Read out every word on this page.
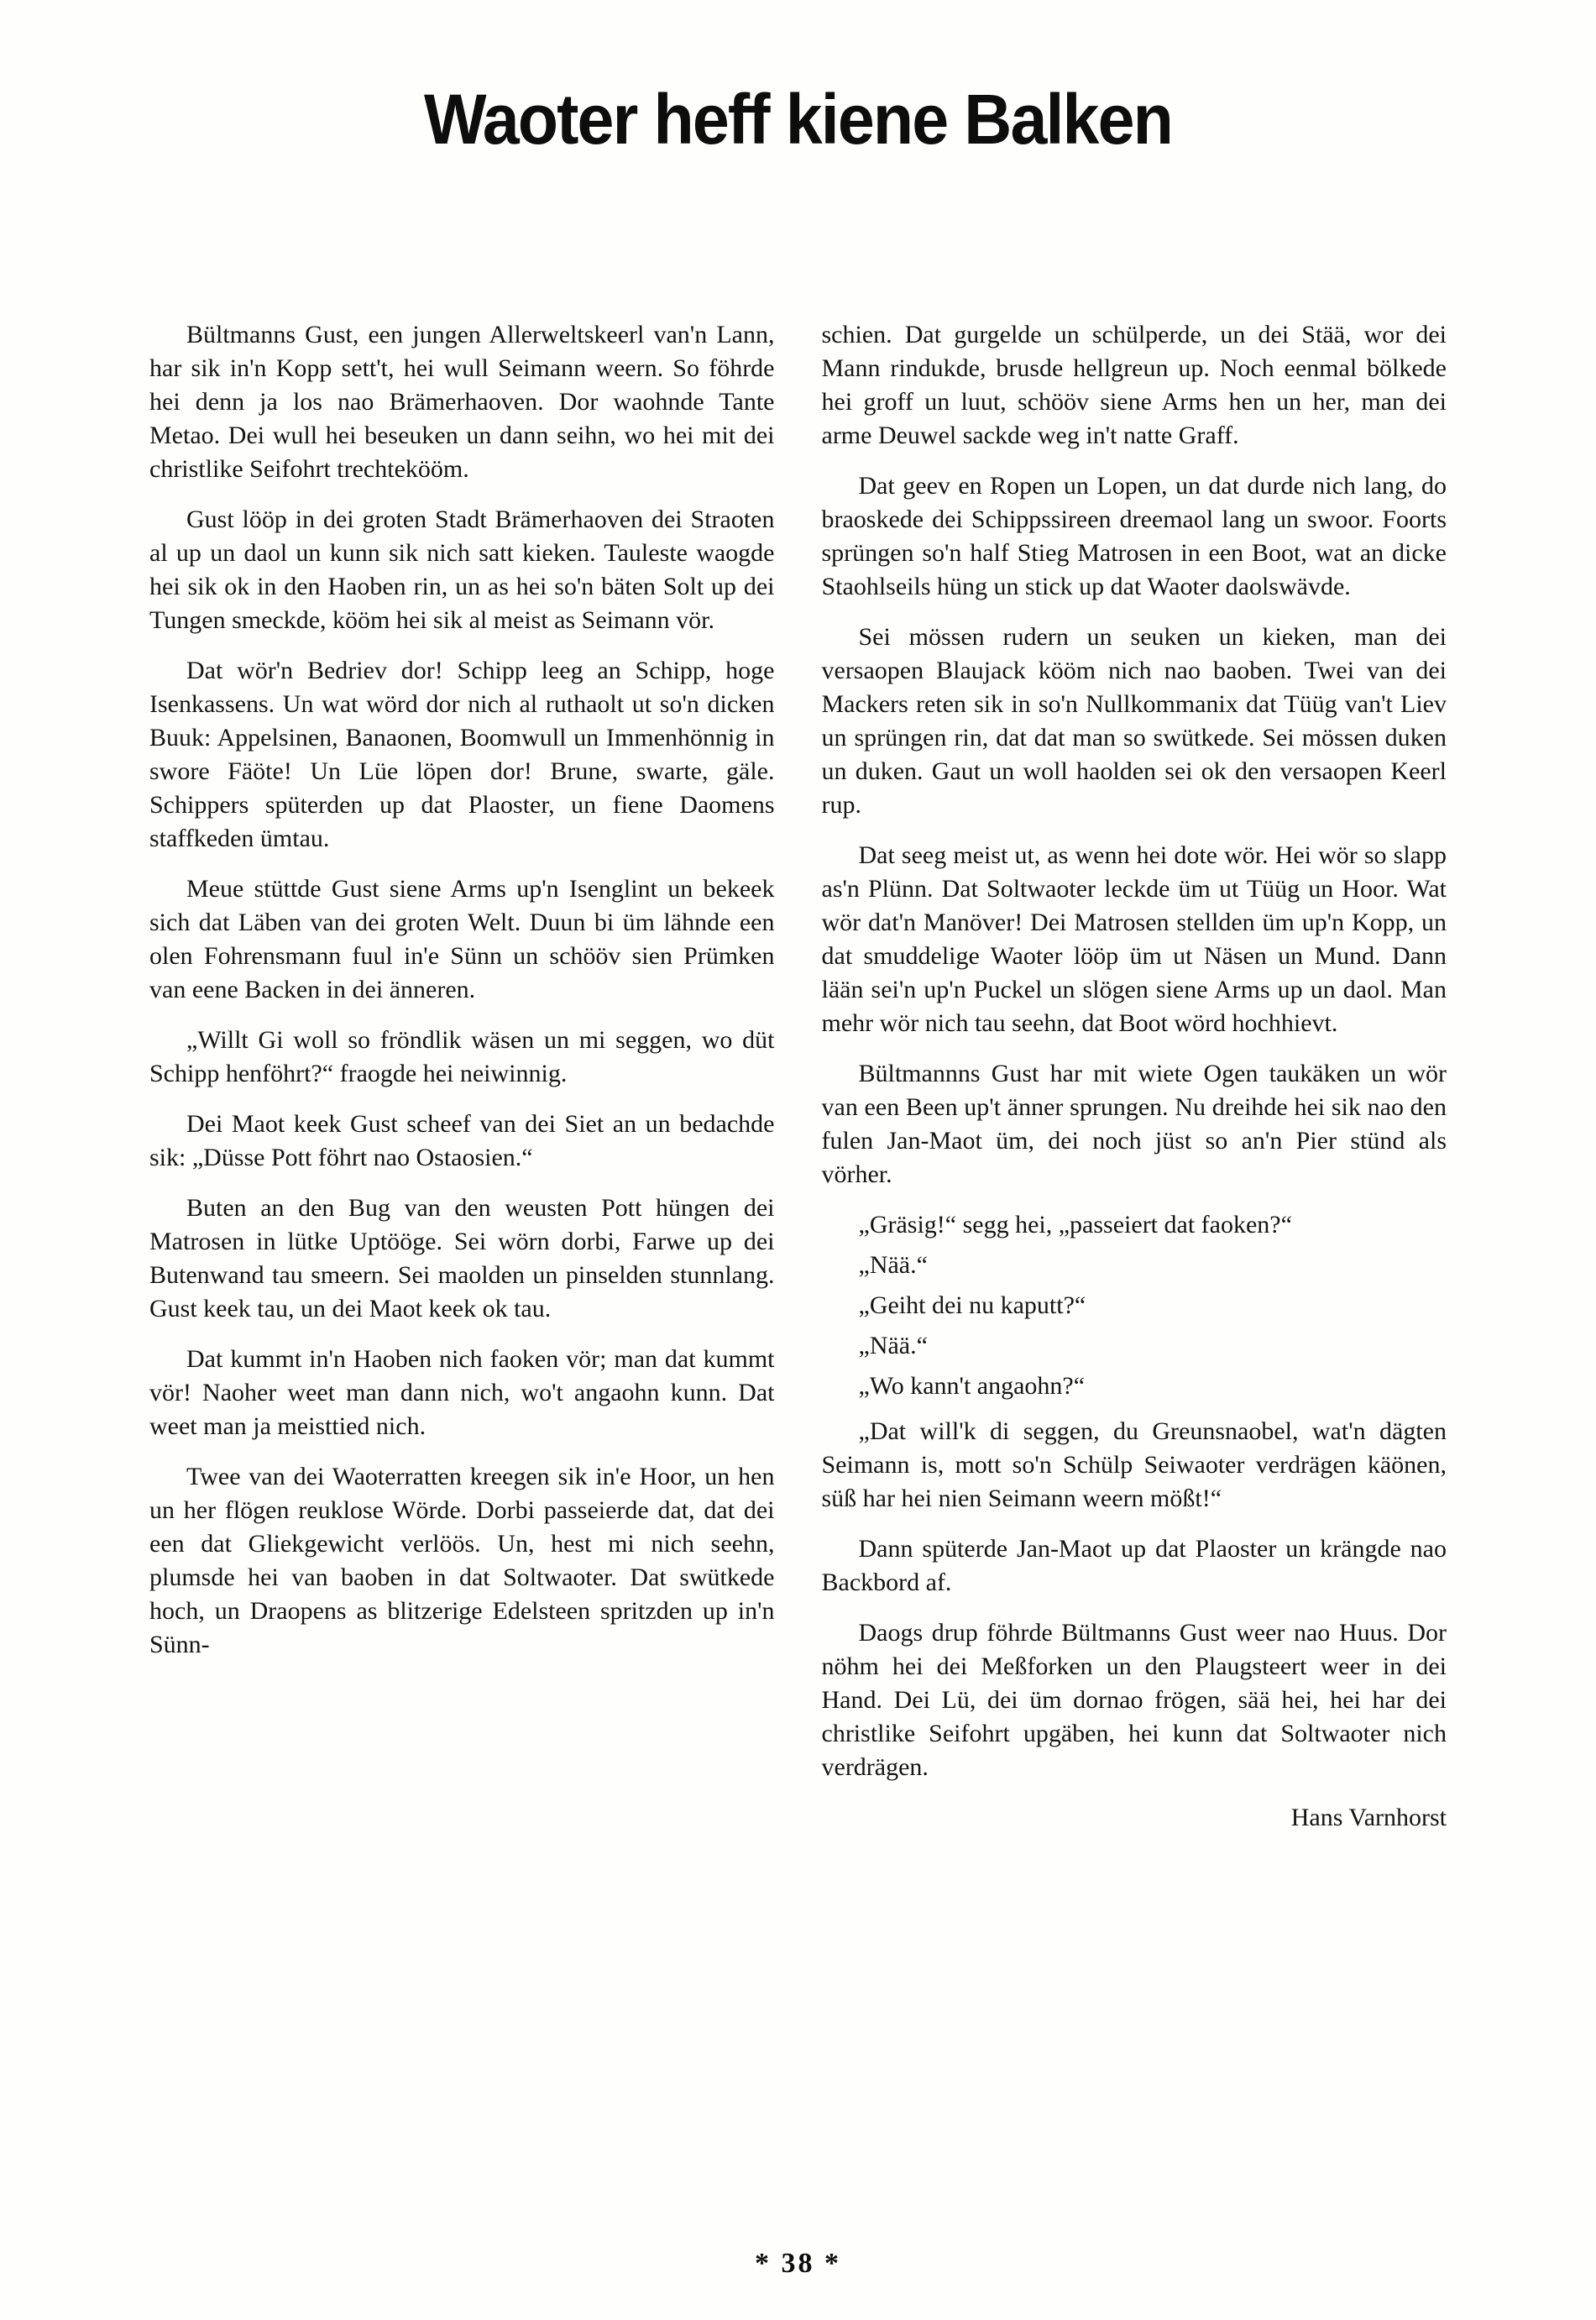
Waoter heff kiene Balken

Bültmanns Gust, een jungen Allerweltskeerl van'n Lann, har sik in'n Kopp sett't, hei wull Seimann weern. So föhrde hei denn ja los nao Brämerhaoven. Dor waohnde Tante Metao. Dei wull hei beseuken un dann seihn, wo hei mit dei christlike Seifohrt trechtekööm.

Gust lööp in dei groten Stadt Brämerhaoven dei Straoten al up un daol un kunn sik nich satt kieken. Tauleste waogde hei sik ok in den Haoben rin, un as hei so'n bäten Solt up dei Tungen smeckde, kööm hei sik al meist as Seimann vör.

Dat wör'n Bedriev dor! Schipp leeg an Schipp, hoge Isenkassens. Un wat wörd dor nich al ruthaolt ut so'n dicken Buuk: Appelsinen, Banaonen, Boomwull un Immenhönnig in swore Fäöte! Un Lüe löpen dor! Brune, swarte, gäle. Schippers spüterden up dat Plaoster, un fiene Daomens staffkeden ümtau.

Meue stüttde Gust siene Arms up'n Isenglint un bekeek sich dat Läben van dei groten Welt. Duun bi üm lähnde een olen Fohrensmann fuul in'e Sünn un schööv sien Prümken van eene Backen in dei änneren.

„Willt Gi woll so fröndlik wäsen un mi seggen, wo düt Schipp henföhrt?“ fraogde hei neiwinnig.

Dei Maot keek Gust scheef van dei Siet an un bedachde sik: „Düsse Pott föhrt nao Ostaosien.“

Buten an den Bug van den weusten Pott hüngen dei Matrosen in lütke Uptööge. Sei wörn dorbi, Farwe up dei Butenwand tau smeern. Sei maolden un pinselden stunnlang. Gust keek tau, un dei Maot keek ok tau.

Dat kummt in'n Haoben nich faoken vör; man dat kummt vör! Naoher weet man dann nich, wo't angaohn kunn. Dat weet man ja meisttied nich.

Twee van dei Waoterratten kreegen sik in'e Hoor, un hen un her flögen reuklose Wörde. Dorbi passeierde dat, dat dei een dat Gliekgewicht verlöös. Un, hest mi nich seehn, plumsde hei van baoben in dat Soltwaoter. Dat swütkede hoch, un Draopens as blitzerige Edelsteen spritzden up in'n Sünn-

schien. Dat gurgelde un schülperde, un dei Stää, wor dei Mann rindukde, brusde hellgreun up. Noch eenmal bölkede hei groff un luut, schööv siene Arms hen un her, man dei arme Deuwel sackde weg in't natte Graff.

Dat geev en Ropen un Lopen, un dat durde nich lang, do braoskede dei Schippssireen dreemaol lang un swoor. Foorts sprüngen so'n half Stieg Matrosen in een Boot, wat an dicke Staohlseils hüng un stick up dat Waoter daolswävde.

Sei mössen rudern un seuken un kieken, man dei versaopen Blaujack kööm nich nao baoben. Twei van dei Mackers reten sik in so'n Nullkommanix dat Tüüg van't Liev un sprüngen rin, dat dat man so swütkede. Sei mössen duken un duken. Gaut un woll haolden sei ok den versaopen Keerl rup.

Dat seeg meist ut, as wenn hei dote wör. Hei wör so slapp as'n Plünn. Dat Soltwaoter leckde üm ut Tüüg un Hoor. Wat wör dat'n Manöver! Dei Matrosen stellden üm up'n Kopp, un dat smuddelige Waoter lööp üm ut Näsen un Mund. Dann lään sei'n up'n Puckel un slögen siene Arms up un daol. Man mehr wör nich tau seehn, dat Boot wörd hochhievt.

Bültmannns Gust har mit wiete Ogen taukäken un wör van een Been up't änner sprungen. Nu dreihde hei sik nao den fulen Jan-Maot üm, dei noch jüst so an'n Pier stünd als vörher.

„Gräsig!“ segg hei, „passeiert dat faoken?“

„Nää.“

„Geiht dei nu kaputt?“

„Nää.“

„Wo kann't angaohn?“

„Dat will'k di seggen, du Greunsnaobel, wat'n dägten Seimann is, mott so'n Schülp Seiwaoter verdrägen käönen, süß har hei nien Seimann weern mößt!“

Dann spüterde Jan-Maot up dat Plaoster un krängde nao Backbord af.

Daogs drup föhrde Bültmanns Gust weer nao Huus. Dor nöhm hei dei Meßforken un den Plaugsteert weer in dei Hand. Dei Lü, dei üm dornao frögen, sää hei, hei har dei christlike Seifohrt upgäben, hei kunn dat Soltwaoter nich verdrägen.

Hans Varnhorst

* 38 *
